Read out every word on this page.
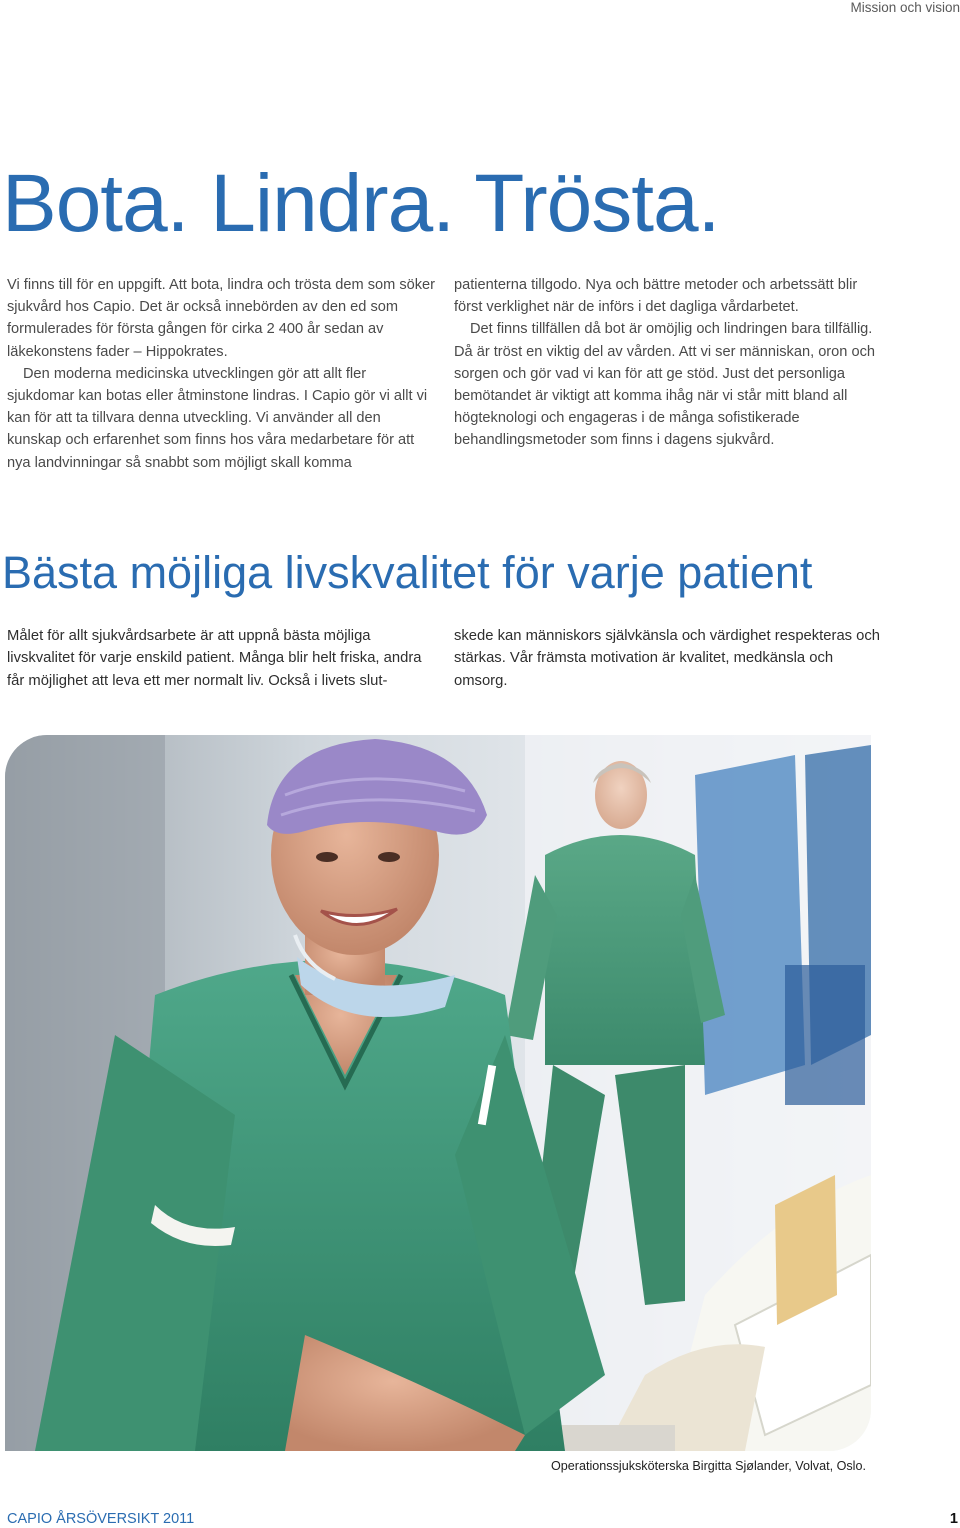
Mission och vision
Bota. Lindra. Trösta.

Vi finns till för en uppgift. Att bota, lindra och trösta dem som söker sjukvård hos Capio. Det är också innebörden av den ed som formulerades för första gången för cirka 2 400 år sedan av läkekonstens fader – Hippokrates.

Den moderna medicinska utvecklingen gör att allt fler sjukdomar kan botas eller åtminstone lindras. I Capio gör vi allt vi kan för att ta tillvara denna utveckling. Vi använder all den kunskap och erfarenhet som finns hos våra medarbetare för att nya landvinningar så snabbt som möjligt skall komma

patienterna tillgodo. Nya och bättre metoder och arbetssätt blir först verklighet när de införs i det dagliga vårdarbetet.

Det finns tillfällen då bot är omöjlig och lindringen bara tillfällig. Då är tröst en viktig del av vården. Att vi ser människan, oron och sorgen och gör vad vi kan för att ge stöd. Just det personliga bemötandet är viktigt att komma ihåg när vi står mitt bland all högteknologi och engageras i de många sofistikerade behandlingsmetoder som finns i dagens sjukvård.

Bästa möjliga livskvalitet för varje patient

Målet för allt sjukvårdsarbete är att uppnå bästa möjliga livskvalitet för varje enskild patient. Många blir helt friska, andra får möjlighet att leva ett mer normalt liv. Också i livets slut-

skede kan människors självkänsla och värdighet respekteras och stärkas. Vår främsta motivation är kvalitet, medkänsla och omsorg.

Operationssjuksköterska Birgitta Sjølander, Volvat, Oslo.
CAPIO ÅRSÖVERSIKT 2011	1
